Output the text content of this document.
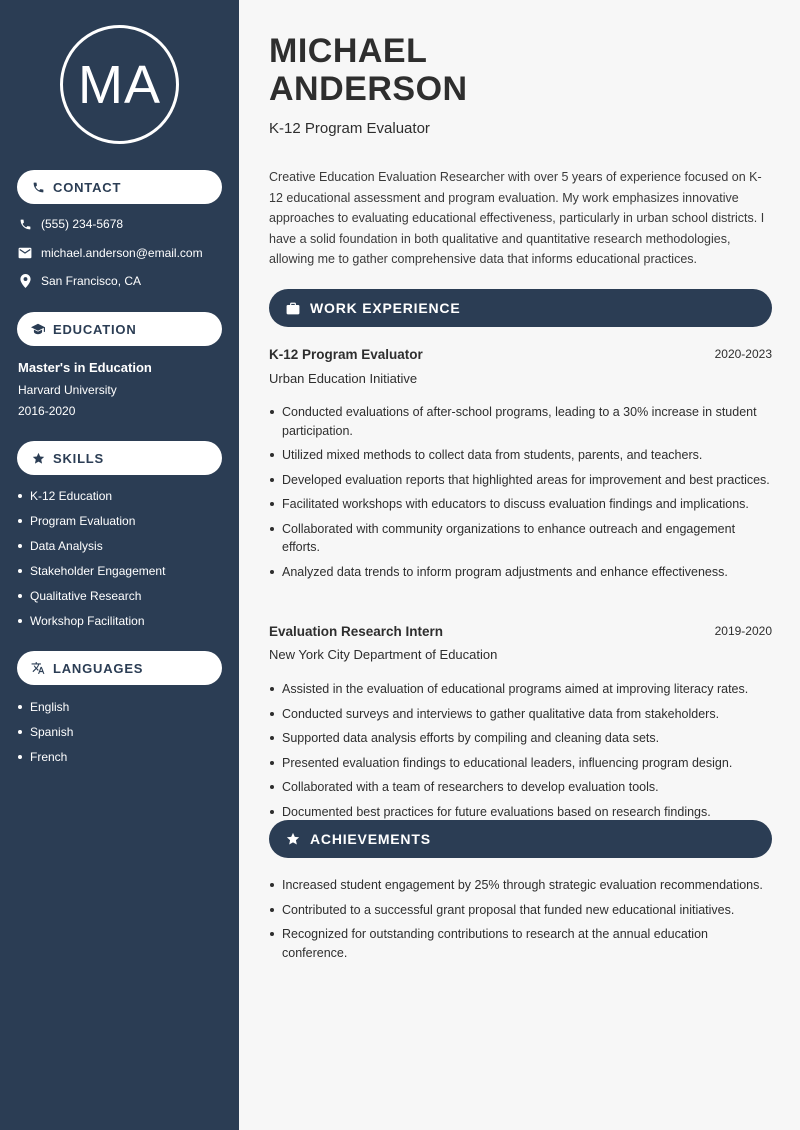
MA
CONTACT
(555) 234-5678
michael.anderson@email.com
San Francisco, CA
EDUCATION
Master's in Education
Harvard University
2016-2020
SKILLS
K-12 Education
Program Evaluation
Data Analysis
Stakeholder Engagement
Qualitative Research
Workshop Facilitation
LANGUAGES
English
Spanish
French
MICHAEL
ANDERSON
K-12 Program Evaluator

Creative Education Evaluation Researcher with over 5 years of experience focused on K-12 educational assessment and program evaluation. My work emphasizes innovative approaches to evaluating educational effectiveness, particularly in urban school districts. I have a solid foundation in both qualitative and quantitative research methodologies, allowing me to gather comprehensive data that informs educational practices.

WORK EXPERIENCE
K-12 Program Evaluator	2020-2023
Urban Education Initiative
Conducted evaluations of after-school programs, leading to a 30% increase in student participation.
Utilized mixed methods to collect data from students, parents, and teachers.
Developed evaluation reports that highlighted areas for improvement and best practices.
Facilitated workshops with educators to discuss evaluation findings and implications.
Collaborated with community organizations to enhance outreach and engagement efforts.
Analyzed data trends to inform program adjustments and enhance effectiveness.
Evaluation Research Intern	2019-2020
New York City Department of Education
Assisted in the evaluation of educational programs aimed at improving literacy rates.
Conducted surveys and interviews to gather qualitative data from stakeholders.
Supported data analysis efforts by compiling and cleaning data sets.
Presented evaluation findings to educational leaders, influencing program design.
Collaborated with a team of researchers to develop evaluation tools.
Documented best practices for future evaluations based on research findings.
ACHIEVEMENTS
Increased student engagement by 25% through strategic evaluation recommendations.
Contributed to a successful grant proposal that funded new educational initiatives.
Recognized for outstanding contributions to research at the annual education conference.
